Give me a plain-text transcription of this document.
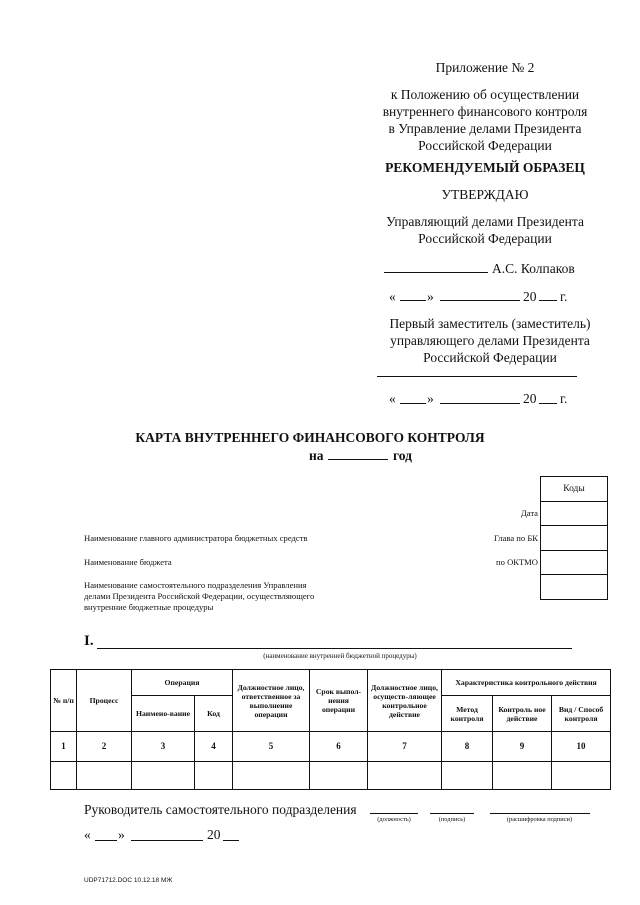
Приложение № 2
к Положению об осуществлении
внутреннего финансового контроля
в Управление делами Президента
Российской Федерации
РЕКОМЕНДУЕМЫЙ ОБРАЗЕЦ
УТВЕРЖДАЮ
Управляющий делами Президента
Российской Федерации
А.С. Колпаков
« »	20 г.
Первый заместитель (заместитель)
управляющего делами Президента
Российской Федерации
« »	20 г.
КАРТА ВНУТРЕННЕГО ФИНАНСОВОГО КОНТРОЛЯ
на	год
Коды

Дата
Глава по БК
по ОКТМО
Наименование главного администратора бюджетных средств
Наименование бюджета
Наименование самостоятельного подразделения Управления
делами Президента Российской Федерации, осуществляющего
внутренние бюджетные процедуры
I.
(наименование внутренней бюджетной процедуры)
№ п/п	Процесс	Операция		Должностное лицо, ответственное за выполнение операции	Срок выпол-нения операции	Должностное лицо, осуществ-ляющее контрольное действие	Характеристика контрольного действия		
		Наимено-вание	Код				Метод контроля	Контроль ное действие	Вид / Способ контроля
1	2	3	4	5	6	7	8	9	10

Руководитель самостоятельного подразделения
(должность)	(подпись)	(расшифровка подписи)
« »	20
UDP71712.DOC 10.12.18 МЖ
